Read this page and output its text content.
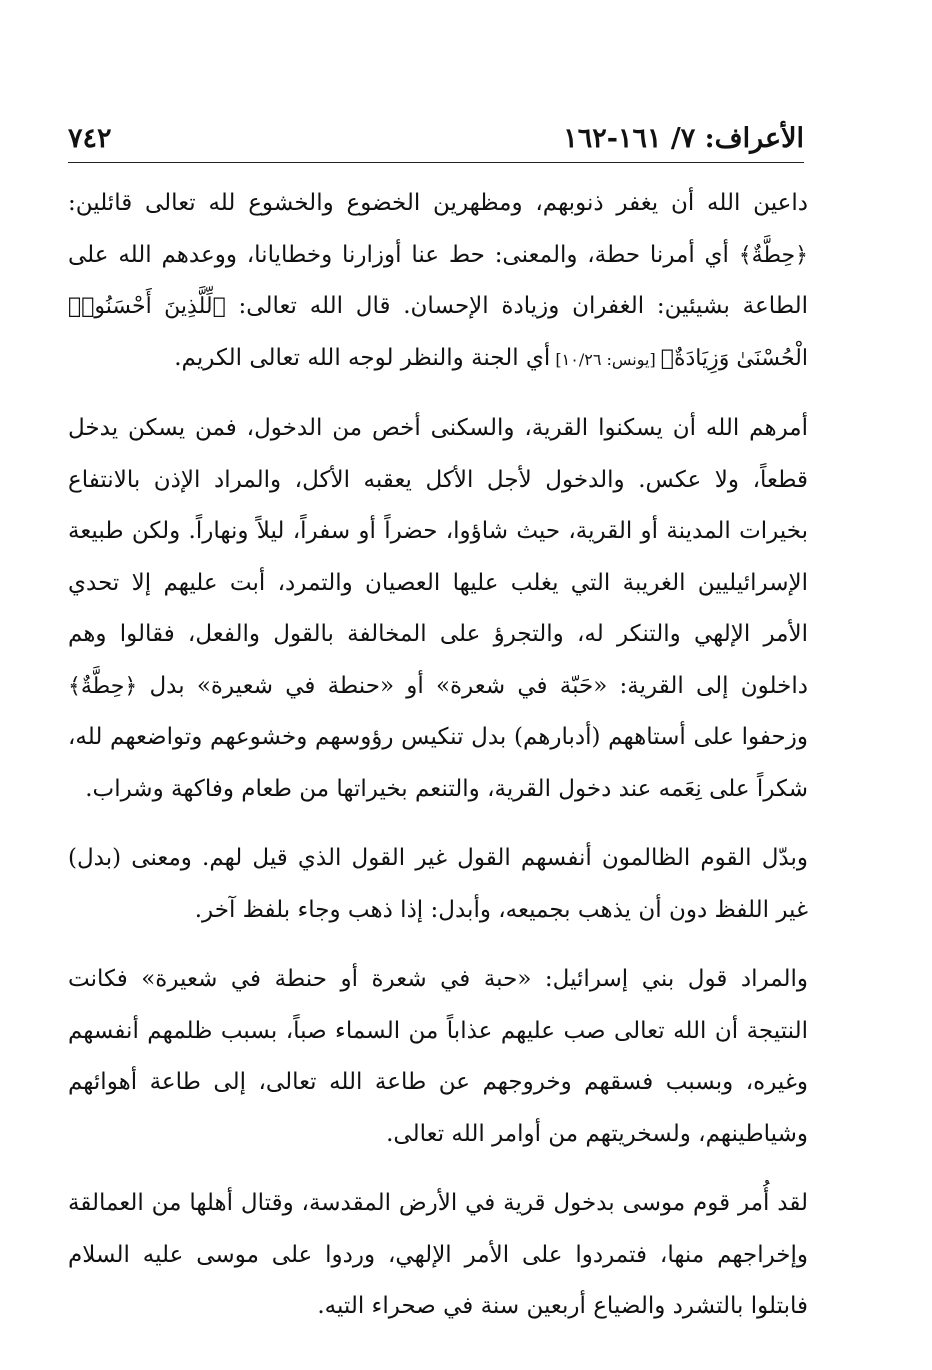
الأعراف: ٧/ ١٦١-١٦٢
٧٤٢

داعين الله أن يغفر ذنوبهم، ومظهرين الخضوع والخشوع لله تعالى قائلين: ﴿حِطَّةٌ﴾ أي أمرنا حطة، والمعنى: حط عنا أوزارنا وخطايانا، ووعدهم الله على الطاعة بشيئين: الغفران وزيادة الإحسان. قال الله تعالى: ﴿لِّلَّذِينَ أَحْسَنُوا۟ الْحُسْنَىٰ وَزِيَادَةٌ﴾ [يونس: ١٠/٢٦] أي الجنة والنظر لوجه الله تعالى الكريم.

أمرهم الله أن يسكنوا القرية، والسكنى أخص من الدخول، فمن يسكن يدخل قطعاً، ولا عكس. والدخول لأجل الأكل يعقبه الأكل، والمراد الإذن بالانتفاع بخيرات المدينة أو القرية، حيث شاؤوا، حضراً أو سفراً، ليلاً ونهاراً. ولكن طبيعة الإسرائيليين الغريبة التي يغلب عليها العصيان والتمرد، أبت عليهم إلا تحدي الأمر الإلهي والتنكر له، والتجرؤ على المخالفة بالقول والفعل، فقالوا وهم داخلون إلى القرية: «حَبّة في شعرة» أو «حنطة في شعيرة» بدل ﴿حِطَّةٌ﴾ وزحفوا على أستاههم (أدبارهم) بدل تنكيس رؤوسهم وخشوعهم وتواضعهم لله، شكراً على نِعَمه عند دخول القرية، والتنعم بخيراتها من طعام وفاكهة وشراب.

وبدّل القوم الظالمون أنفسهم القول غير القول الذي قيل لهم. ومعنى (بدل) غير اللفظ دون أن يذهب بجميعه، وأبدل: إذا ذهب وجاء بلفظ آخر.

والمراد قول بني إسرائيل: «حبة في شعرة أو حنطة في شعيرة» فكانت النتيجة أن الله تعالى صب عليهم عذاباً من السماء صباً، بسبب ظلمهم أنفسهم وغيره، وبسبب فسقهم وخروجهم عن طاعة الله تعالى، إلى طاعة أهوائهم وشياطينهم، ولسخريتهم من أوامر الله تعالى.

لقد أُمر قوم موسى بدخول قرية في الأرض المقدسة، وقتال أهلها من العمالقة وإخراجهم منها، فتمردوا على الأمر الإلهي، وردوا على موسى عليه السلام فابتلوا بالتشرد والضياع أربعين سنة في صحراء التيه.
